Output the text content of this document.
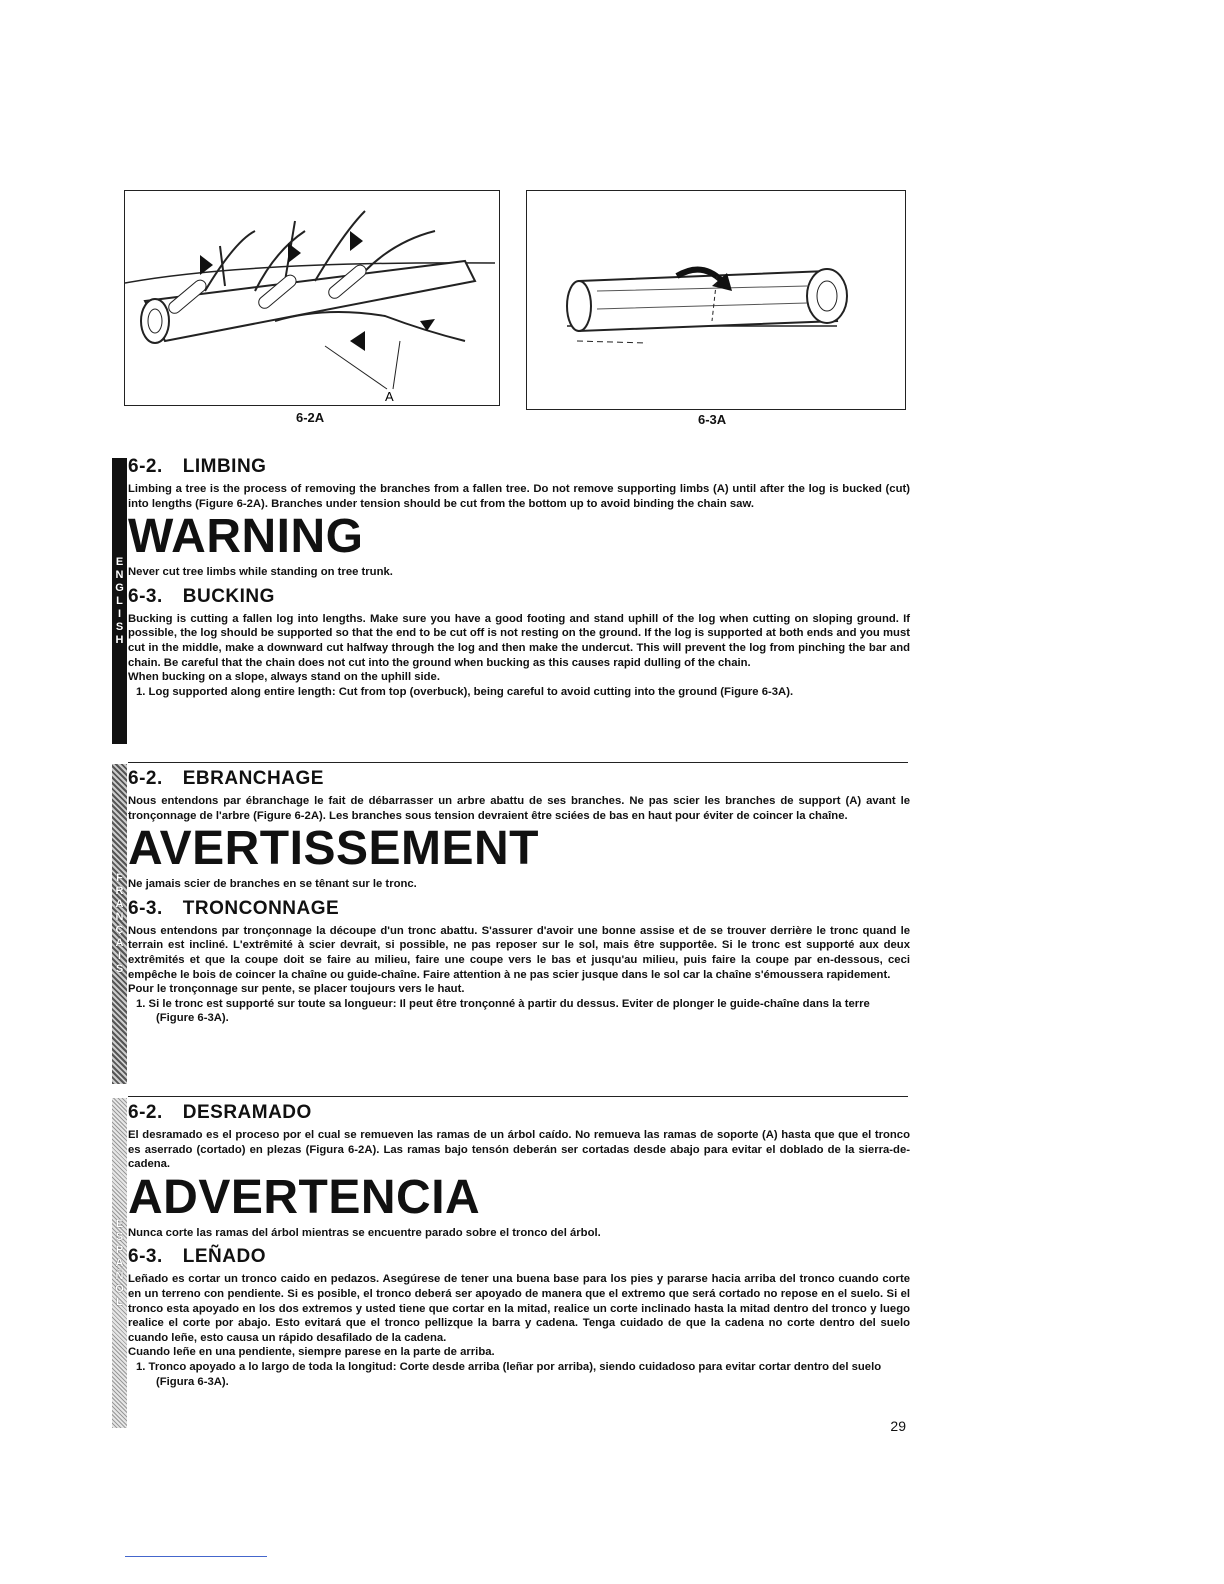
A
6-2A	6-3A
E
N
G
L
I
S
H
6-2. LIMBING

Limbing a tree is the process of removing the branches from a fallen tree. Do not remove supporting limbs (A) until after the log is bucked (cut) into lengths (Figure 6-2A). Branches under tension should be cut from the bottom up to avoid binding the chain saw.

WARNING

Never cut tree limbs while standing on tree trunk.

6-3. BUCKING

Bucking is cutting a fallen log into lengths. Make sure you have a good footing and stand uphill of the log when cutting on sloping ground. If possible, the log should be supported so that the end to be cut off is not resting on the ground. If the log is supported at both ends and you must cut in the middle, make a downward cut halfway through the log and then make the undercut. This will prevent the log from pinching the bar and chain. Be careful that the chain does not cut into the ground when bucking as this causes rapid dulling of the chain.

When bucking on a slope, always stand on the uphill side.

1. Log supported along entire length: Cut from top (overbuck), being careful to avoid cutting into the ground (Figure 6-3A).

F
R
A
N
Ç
A
I
S
6-2. EBRANCHAGE

Nous entendons par ébranchage le fait de débarrasser un arbre abattu de ses branches. Ne pas scier les branches de support (A) avant le tronçonnage de l'arbre (Figure 6-2A). Les branches sous tension devraient être sciées de bas en haut pour éviter de coincer la chaîne.

AVERTISSEMENT

Ne jamais scier de branches en se tênant sur le tronc.

6-3. TRONCONNAGE

Nous entendons par tronçonnage la découpe d'un tronc abattu. S'assurer d'avoir une bonne assise et de se trouver derrière le tronc quand le terrain est incliné. L'extrêmité à scier devrait, si possible, ne pas reposer sur le sol, mais être supportêe. Si le tronc est supporté aux deux extrêmités et que la coupe doit se faire au milieu, faire une coupe vers le bas et jusqu'au milieu, puis faire la coupe par en-dessous, ceci empêche le bois de coincer la chaîne ou guide-chaîne. Faire attention à ne pas scier jusque dans le sol car la chaîne s'émoussera rapidement.

Pour le tronçonnage sur pente, se placer toujours vers le haut.

1. Si le tronc est supporté sur toute sa longueur: Il peut être tronçonné à partir du dessus. Eviter de plonger le guide-chaîne dans la terre (Figure 6-3A).

E
S
P
A
Ñ
O
L
6-2. DESRAMADO

El desramado es el proceso por el cual se remueven las ramas de un árbol caído. No remueva las ramas de soporte (A) hasta que que el tronco es aserrado (cortado) en plezas (Figura 6-2A). Las ramas bajo tensón deberán ser cortadas desde abajo para evitar el doblado de la sierra-de-cadena.

ADVERTENCIA

Nunca corte las ramas del árbol mientras se encuentre parado sobre el tronco del árbol.

6-3. LEÑADO

Leñado es cortar un tronco caido en pedazos. Asegúrese de tener una buena base para los pies y pararse hacia arriba del tronco cuando corte en un terreno con pendiente. Si es posible, el tronco deberá ser apoyado de manera que el extremo que será cortado no repose en el suelo. Si el tronco esta apoyado en los dos extremos y usted tiene que cortar en la mitad, realice un corte inclinado hasta la mitad dentro del tronco y luego realice el corte por abajo. Esto evitará que el tronco pellizque la barra y cadena. Tenga cuidado de que la cadena no corte dentro del suelo cuando leñe, esto causa un rápido desafilado de la cadena.

Cuando leñe en una pendiente, siempre parese en la parte de arriba.

1. Tronco apoyado a lo largo de toda la longitud: Corte desde arriba (leñar por arriba), siendo cuidadoso para evitar cortar dentro del suelo (Figura 6-3A).

29
